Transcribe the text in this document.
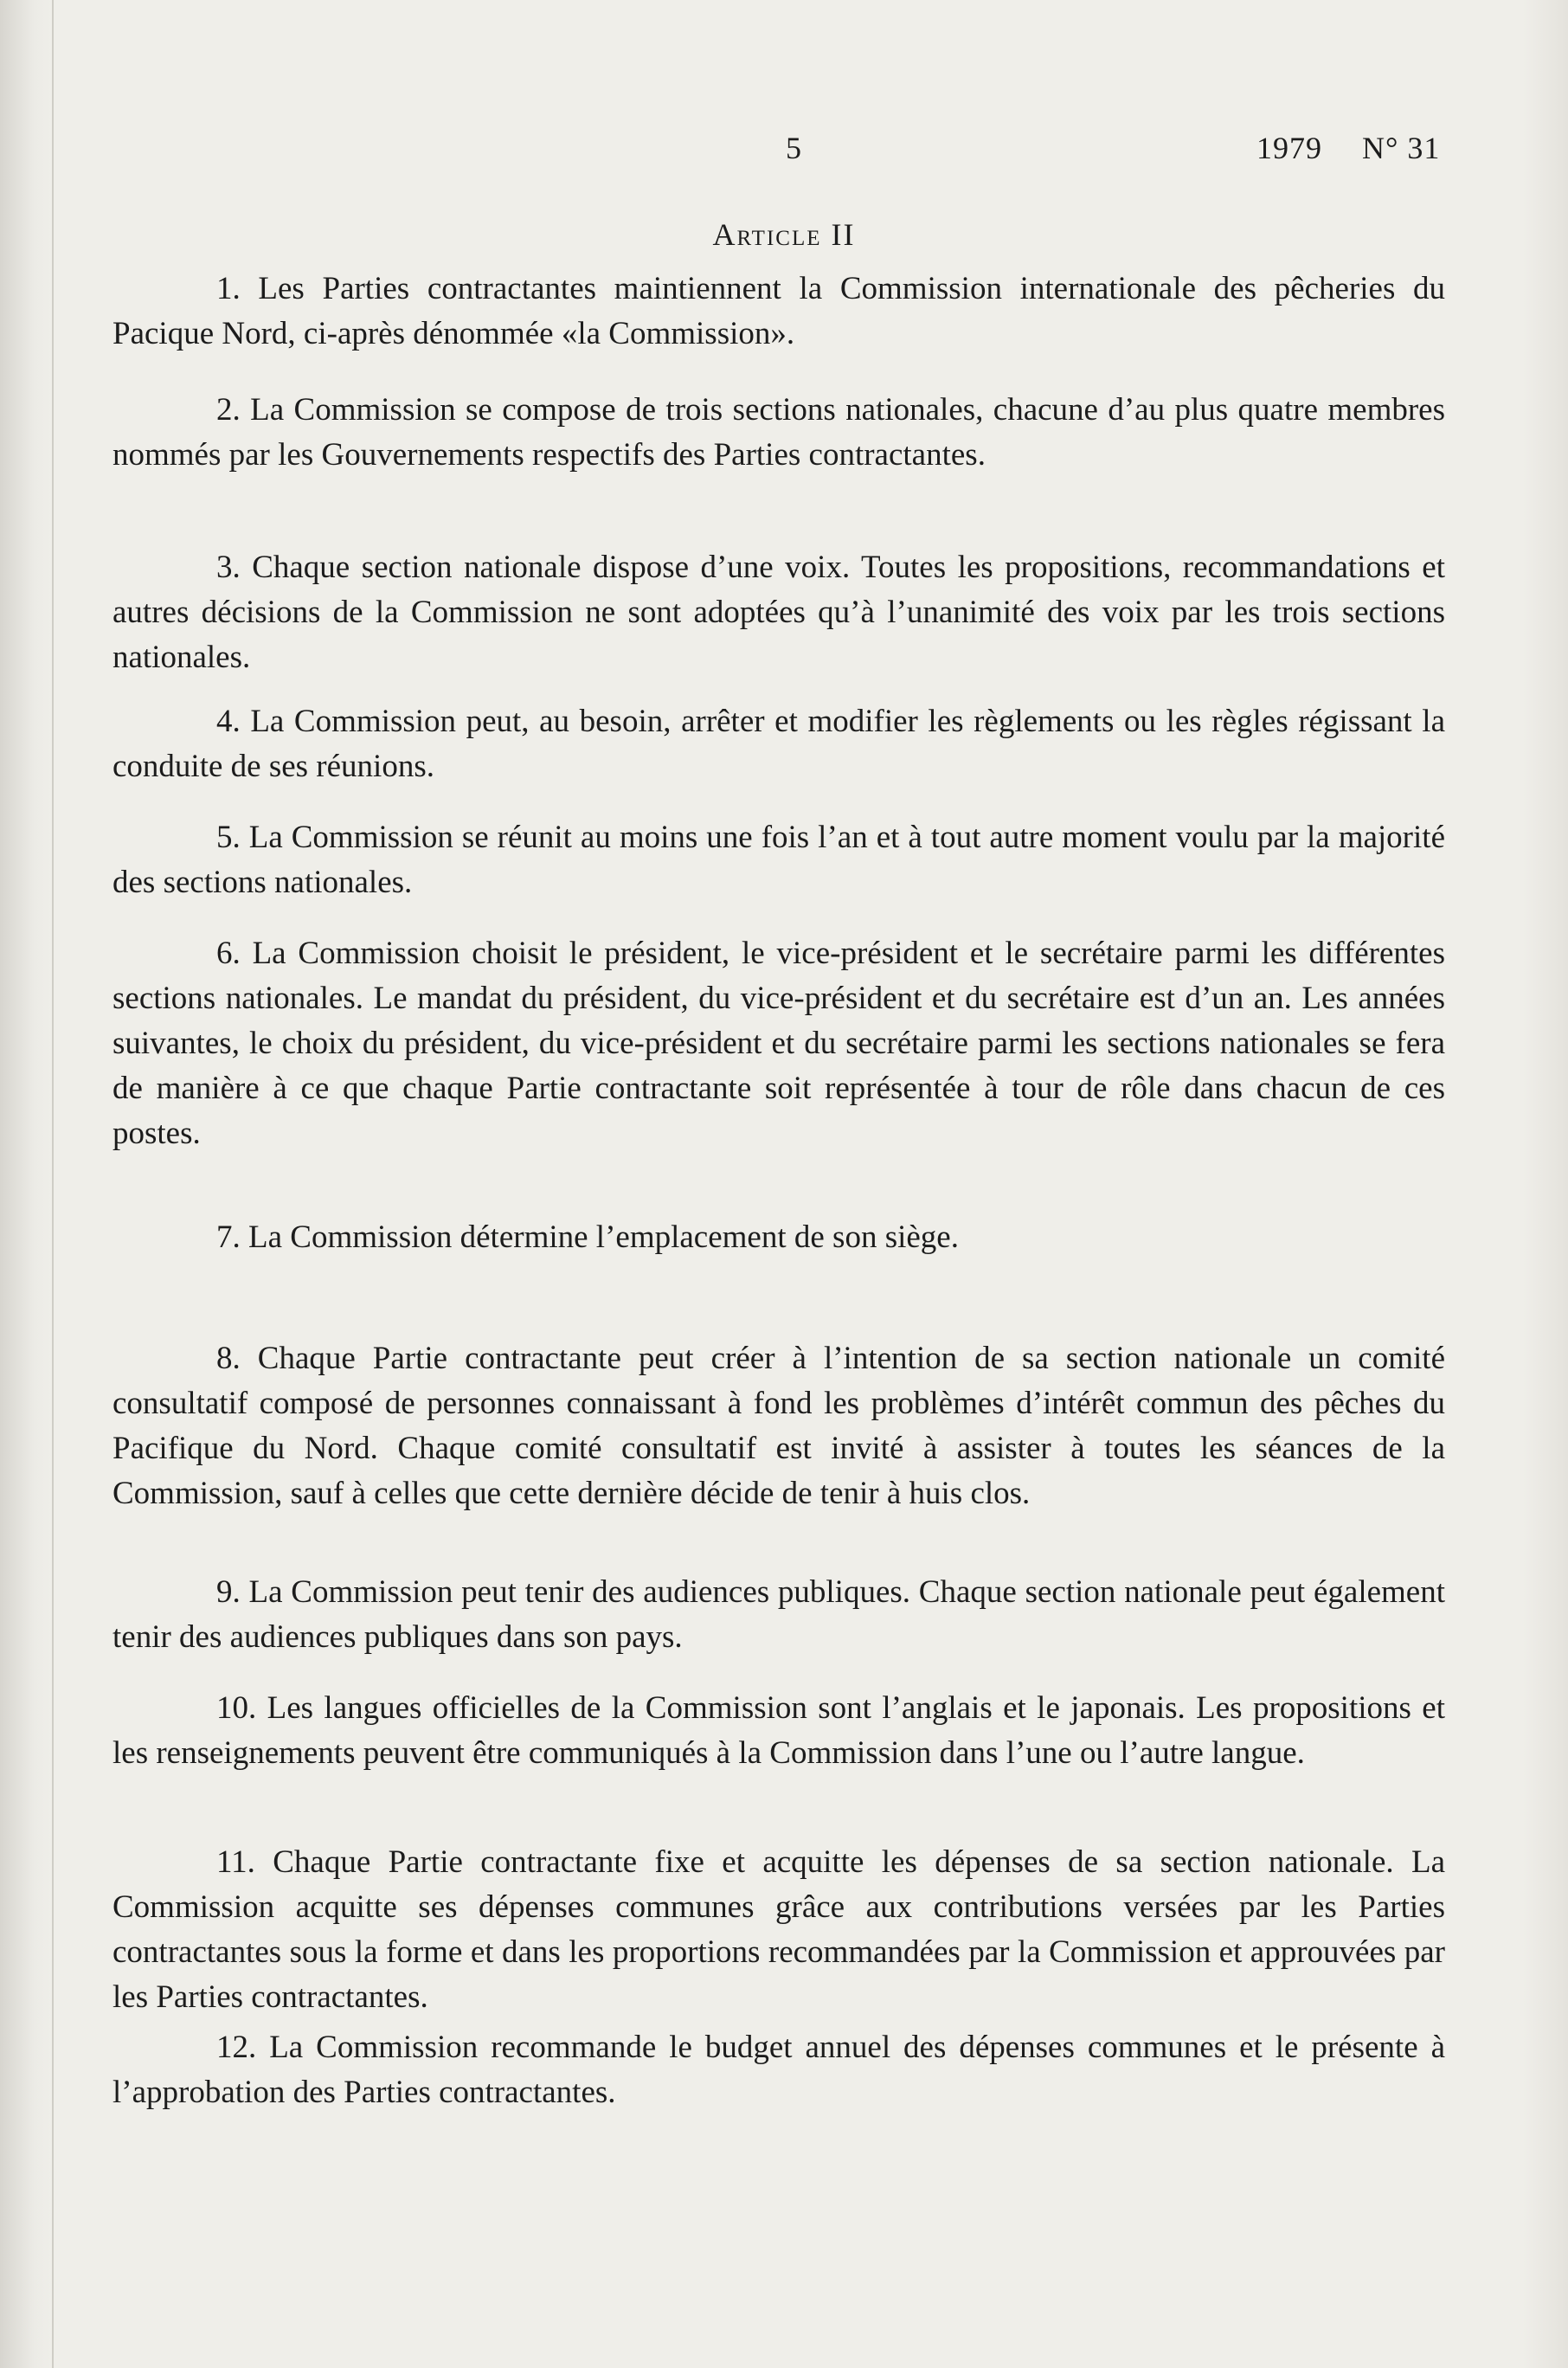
5	1979 N° 31
Article II

1. Les Parties contractantes maintiennent la Commission internationale des pêcheries du Pacique Nord, ci-après dénommée «la Commission».

2. La Commission se compose de trois sections nationales, chacune d’au plus quatre membres nommés par les Gouvernements respectifs des Parties contractantes.

3. Chaque section nationale dispose d’une voix. Toutes les propositions, recommandations et autres décisions de la Commission ne sont adoptées qu’à l’unanimité des voix par les trois sections nationales.

4. La Commission peut, au besoin, arrêter et modifier les règlements ou les règles régissant la conduite de ses réunions.

5. La Commission se réunit au moins une fois l’an et à tout autre moment voulu par la majorité des sections nationales.

6. La Commission choisit le président, le vice-président et le secrétaire parmi les différentes sections nationales. Le mandat du président, du vice-président et du secrétaire est d’un an. Les années suivantes, le choix du président, du vice-président et du secrétaire parmi les sections nationales se fera de manière à ce que chaque Partie contractante soit représentée à tour de rôle dans chacun de ces postes.

7. La Commission détermine l’emplacement de son siège.

8. Chaque Partie contractante peut créer à l’intention de sa section nationale un comité consultatif composé de personnes connaissant à fond les problèmes d’intérêt commun des pêches du Pacifique du Nord. Chaque comité consultatif est invité à assister à toutes les séances de la Commission, sauf à celles que cette dernière décide de tenir à huis clos.

9. La Commission peut tenir des audiences publiques. Chaque section nationale peut également tenir des audiences publiques dans son pays.

10. Les langues officielles de la Commission sont l’anglais et le japonais. Les propositions et les renseignements peuvent être communiqués à la Commission dans l’une ou l’autre langue.

11. Chaque Partie contractante fixe et acquitte les dépenses de sa section nationale. La Commission acquitte ses dépenses communes grâce aux contributions versées par les Parties contractantes sous la forme et dans les proportions recommandées par la Commission et approuvées par les Parties contractantes.

12. La Commission recommande le budget annuel des dépenses communes et le présente à l’approbation des Parties contractantes.
